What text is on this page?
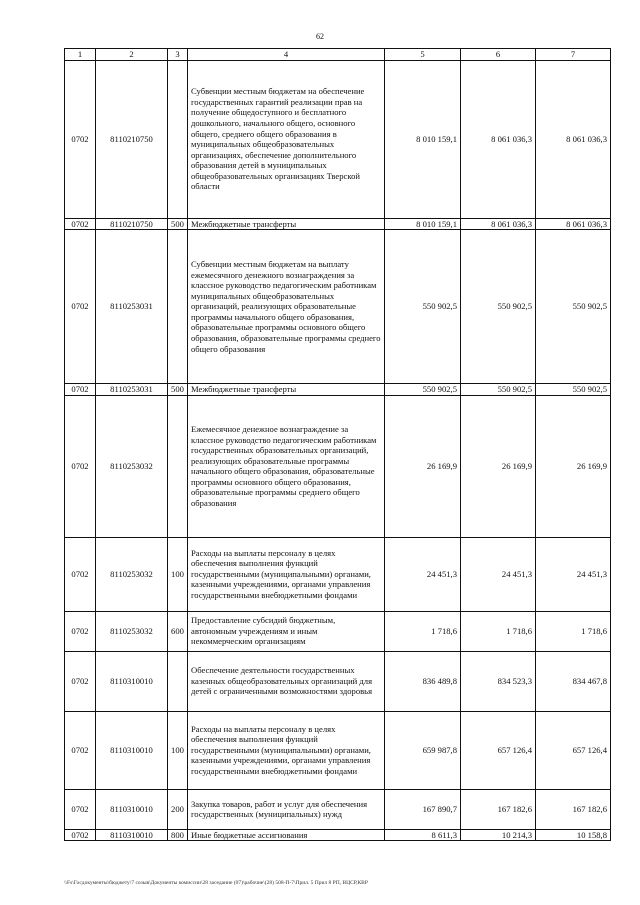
62
1	2	3	4	5	6	7
0702	8110210750		Субвенции местным бюджетам на обеспечение государственных гарантий реализации прав на получение общедоступного и бесплатного дошкольного, начального общего, основного общего, среднего общего образования в муниципальных общеобразовательных организациях, обеспечение дополнительного образования детей в муниципальных общеобразовательных организациях Тверской области	8 010 159,1	8 061 036,3	8 061 036,3
0702	8110210750	500	Межбюджетные трансферты	8 010 159,1	8 061 036,3	8 061 036,3
0702	8110253031		Субвенции местным бюджетам на выплату ежемесячного денежного вознаграждения за классное руководство педагогическим работникам муниципальных общеобразовательных организаций, реализующих образовательные программы начального общего образования, образовательные программы основного общего образования, образовательные программы среднего общего образования	550 902,5	550 902,5	550 902,5
0702	8110253031	500	Межбюджетные трансферты	550 902,5	550 902,5	550 902,5
0702	8110253032		Ежемесячное денежное вознаграждение за классное руководство педагогическим работникам государственных образовательных организаций, реализующих образовательные программы начального общего образования, образовательные программы основного общего образования, образовательные программы среднего общего образования	26 169,9	26 169,9	26 169,9
0702	8110253032	100	Расходы на выплаты персоналу в целях обеспечения выполнения функций государственными (муниципальными) органами, казенными учреждениями, органами управления государственными внебюджетными фондами	24 451,3	24 451,3	24 451,3
0702	8110253032	600	Предоставление субсидий бюджетным, автономным учреждениям и иным некоммерческим организациям	1 718,6	1 718,6	1 718,6
0702	8110310010		Обеспечение деятельности государственных казенных общеобразовательных организаций для детей с ограниченными возможностями здоровья	836 489,8	834 523,3	834 467,8
0702	8110310010	100	Расходы на выплаты персоналу в целях обеспечения выполнения функций государственными (муниципальными) органами, казенными учреждениями, органами управления государственными внебюджетными фондами	659 987,8	657 126,4	657 126,4
0702	8110310010	200	Закупка товаров, работ и услуг для обеспечения государственных (муниципальных) нужд	167 890,7	167 182,6	167 182,6
0702	8110310010	800	Иные бюджетные ассигнования	8 611,3	10 214,3	10 158,8
\\Fs\Госдокументы\бюджету\7 созыв\Документы комиссии\28 заседание (07)\рабочие\(28) 508-П-7\Прил. 5 Прил 8 РП, ВЦСР,КВР
